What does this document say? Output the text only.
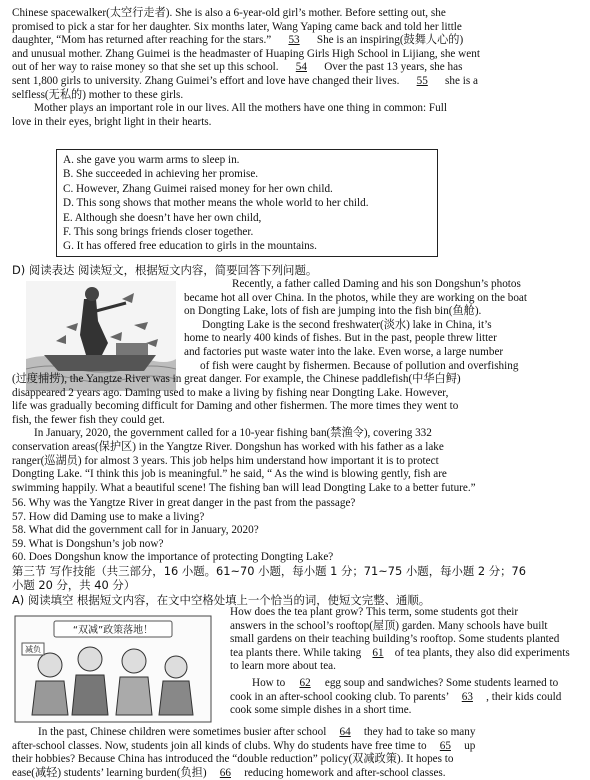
Chinese spacewalker(太空行走者). She is also a 6-year-old girl’s mother. Before setting out, she
promised to pick a star for her daughter. Six months later, Wang Yaping came back and told her little
daughter, “Mom has returned after reaching for the stars.” 53 She is an inspiring(鼓舞人心的)
and unusual mother. Zhang Guimei is the headmaster of Huaping Girls High School in Lijiang, she went
out of her way to raise money so that she set up this school. 54 Over the past 13 years, she has
sent 1,800 girls to university. Zhang Guimei’s effort and love have changed their lives. 55 she is a
selfless(无私的) mother to these girls.
Mother plays an important role in our lives. All the mothers have one thing in common: Full
love in their eyes, bright light in their hearts.
A. she gave you warm arms to sleep in.
B. She succeeded in achieving her promise.
C. However, Zhang Guimei raised money for her own child.
D. This song shows that mother means the whole world to her child.
E. Although she doesn’t have her own child,
F. This song brings friends closer together.
G. It has offered free education to girls in the mountains.
D) 阅读表达 阅读短文，根据短文内容，简要回答下列问题。
Recently, a father called Daming and his son Dongshun’s photos
became hot all over China. In the photos, while they are working on the boat
on Dongting Lake, lots of fish are jumping into the fish bin(鱼舱).
Dongting Lake is the second freshwater(淡水) lake in China, it’s
home to nearly 400 kinds of fishes. But in the past, people threw litter
and factories put waste water into the lake. Even worse, a large number
of fish were caught by fishermen. Because of pollution and overfishing
(过度捕捞), the Yangtze River was in great danger. For example, the Chinese paddlefish(中华白鲟)
disappeared 2 years ago. Daming used to make a living by fishing near Dongting Lake. However,
life was gradually becoming difficult for Daming and other fishermen. The more times they went to
fish, the fewer fish they could get.
In January, 2020, the government called for a 10-year fishing ban(禁渔令), covering 332
conservation areas(保护区) in the Yangtze River. Dongshun has worked with his father as a lake
ranger(巡湖员) for almost 3 years. This job helps him understand how important it is to protect
Dongting Lake. “I think this job is meaningful.” he said, “ As the wind is blowing gently, fish are
swimming happily. What a beautiful scene! The fishing ban will lead Dongting Lake to a better future.”
56. Why was the Yangtze River in great danger in the past from the passage?
57. How did Daming use to make a living?
58. What did the government call for in January, 2020?
59. What is Dongshun’s job now?
60. Does Dongshun know the importance of protecting Dongting Lake?
第三节 写作技能（共三部分，16 小题。61~70 小题，每小题 1 分；71~75 小题，每小题 2 分；76
小题 20 分，共 40 分）
A) 阅读填空 根据短文内容，在文中空格处填上一个恰当的词，使短文完整、通顺。
“双减”政策落地！
减负
How does the tea plant grow? This term, some students got their
answers in the school’s rooftop(屋顶) garden. Many schools have built
small gardens on their teaching building’s rooftop. Some students planted
tea plants there. While taking 61 of tea plants, they also did experiments
to learn more about tea.
How to 62 egg soup and sandwiches? Some students learned to
cook in an after-school cooking club. To parents’ 63 , their kids could
cook some simple dishes in a short time.
In the past, Chinese children were sometimes busier after school 64 they had to take so many
after-school classes. Now, students join all kinds of clubs. Why do students have free time to 65 up
their hobbies? Because China has introduced the “double reduction” policy(双减政策). It hopes to
ease(减轻) students’ learning burden(负担) 66 reducing homework and after-school classes.
